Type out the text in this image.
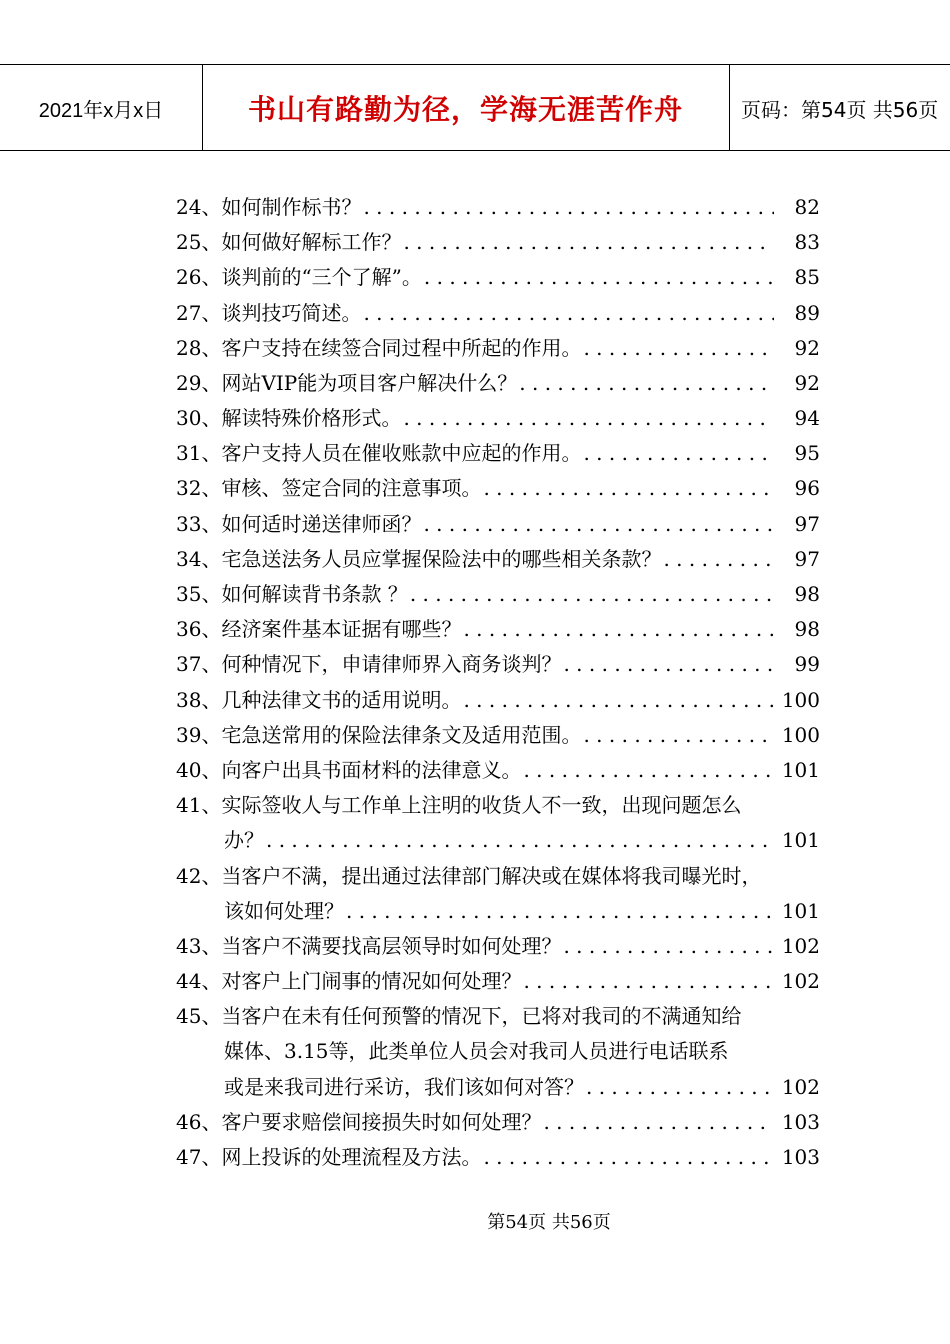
2021年x月x日	书山有路勤为径，学海无涯苦作舟	页码：第54页 共56页
24、 如何制作标书？ . . .	82
25、 如何做好解标工作？ . . .	83
26、 谈判前的“三个了解”。 . . .	85
27、 谈判技巧简述。 . . .	89
28、 客户支持在续签合同过程中所起的作用。 . . .	92
29、 网站VIP能为项目客户解决什么？ . . .	92
30、 解读特殊价格形式。 . . .	94
31、 客户支持人员在催收账款中应起的作用。 . . .	95
32、 审核、签定合同的注意事项。 . . .	96
33、 如何适时递送律师函？ . . .	97
34、 宅急送法务人员应掌握保险法中的哪些相关条款？ . . .	97
35、 如何解读背书条款 ？ . . .	98
36、 经济案件基本证据有哪些？ . . .	98
37、 何种情况下，申请律师界入商务谈判？ . . .	99
38、 几种法律文书的适用说明。 . . .	100
39、 宅急送常用的保险法律条文及适用范围。 . . .	100
40、 向客户出具书面材料的法律意义。 . . .	101
41、 实际签收人与工作单上注明的收货人不一致，出现问题怎么
办？ . . .	101
42、 当客户不满，提出通过法律部门解决或在媒体将我司曝光时，
该如何处理？ . . .	101
43、 当客户不满要找高层领导时如何处理？ . . .	102
44、 对客户上门闹事的情况如何处理？ . . .	102
45、 当客户在未有任何预警的情况下，已将对我司的不满通知给
媒体、3.15等，此类单位人员会对我司人员进行电话联系
或是来我司进行采访，我们该如何对答？ . . .	102
46、 客户要求赔偿间接损失时如何处理？ . . .	103
47、 网上投诉的处理流程及方法。 . . .	103
第54页 共56页
